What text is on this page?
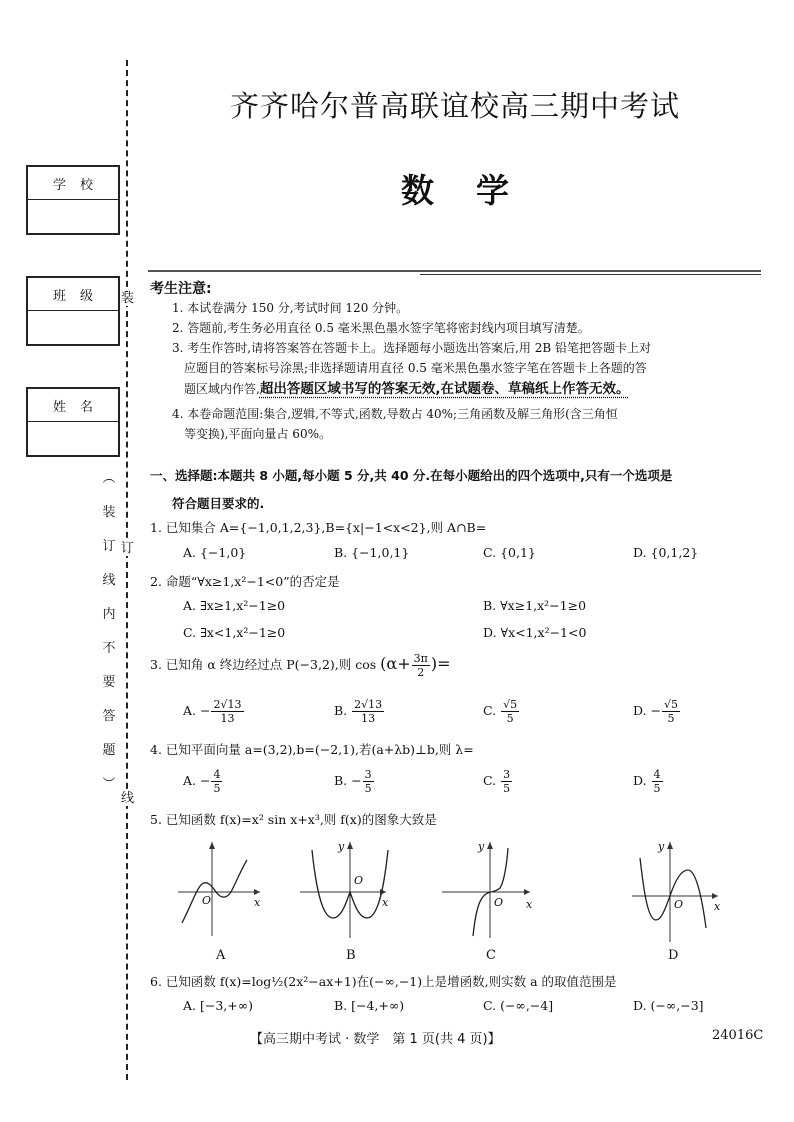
装
订
线
学校
班级
姓名
︵
装
订
线
内
不
要
答
题
︶
齐齐哈尔普高联谊校高三期中考试
数学
考生注意:
1. 本试卷满分 150 分,考试时间 120 分钟。
2. 答题前,考生务必用直径 0.5 毫米黑色墨水签字笔将密封线内项目填写清楚。
3. 考生作答时,请将答案答在答题卡上。选择题每小题选出答案后,用 2B 铅笔把答题卡上对
应题目的答案标号涂黑;非选择题请用直径 0.5 毫米黑色墨水签字笔在答题卡上各题的答
题区域内作答,超出答题区域书写的答案无效,在试题卷、草稿纸上作答无效。
4. 本卷命题范围:集合,逻辑,不等式,函数,导数占 40%;三角函数及解三角形(含三角恒
等变换),平面向量占 60%。
一、选择题:本题共 8 小题,每小题 5 分,共 40 分.在每小题给出的四个选项中,只有一个选项是
符合题目要求的.
1. 已知集合 A={−1,0,1,2,3},B={x|−1<x<2},则 A∩B=
A. {−1,0}	B. {−1,0,1}	C. {0,1}	D. {0,1,2}
2. 命题“∀x≥1,x²−1<0”的否定是
A. ∃x≥1,x²−1≥0	B. ∀x≥1,x²−1≥0
C. ∃x<1,x²−1≥0	D. ∀x<1,x²−1<0
3. 已知角 α 终边经过点 P(−3,2),则 $\cos (\alpha+ \frac{3\pi}{2}$ )=
A. − $\frac{2√13}{13}$	B. $\frac{2√13}{13}$	C. $\frac{√5}{5}$	D. − $\frac{√5}{5}$
4. 已知平面向量 a=(3,2),b=(−2,1),若(a+λb)⊥b,则 λ=
A. − $\frac{4}{5}$	B. − $\frac{3}{5}$	C. $\frac{3}{5}$	D. $\frac{4}{5}$
5. 已知函数 f(x)=x² sin x+x³,则 f(x)的图象大致是
O	x
A
y
O
x
B
y
O x
C
y
O	x
D
6. 已知函数 f(x)=log½(2x²−ax+1)在(−∞,−1)上是增函数,则实数 a 的取值范围是
A. [−3,+∞)	B. [−4,+∞)	C. (−∞,−4]	D. (−∞,−3]
【高三期中考试 · 数学　第 1 页(共 4 页)】	24016C
